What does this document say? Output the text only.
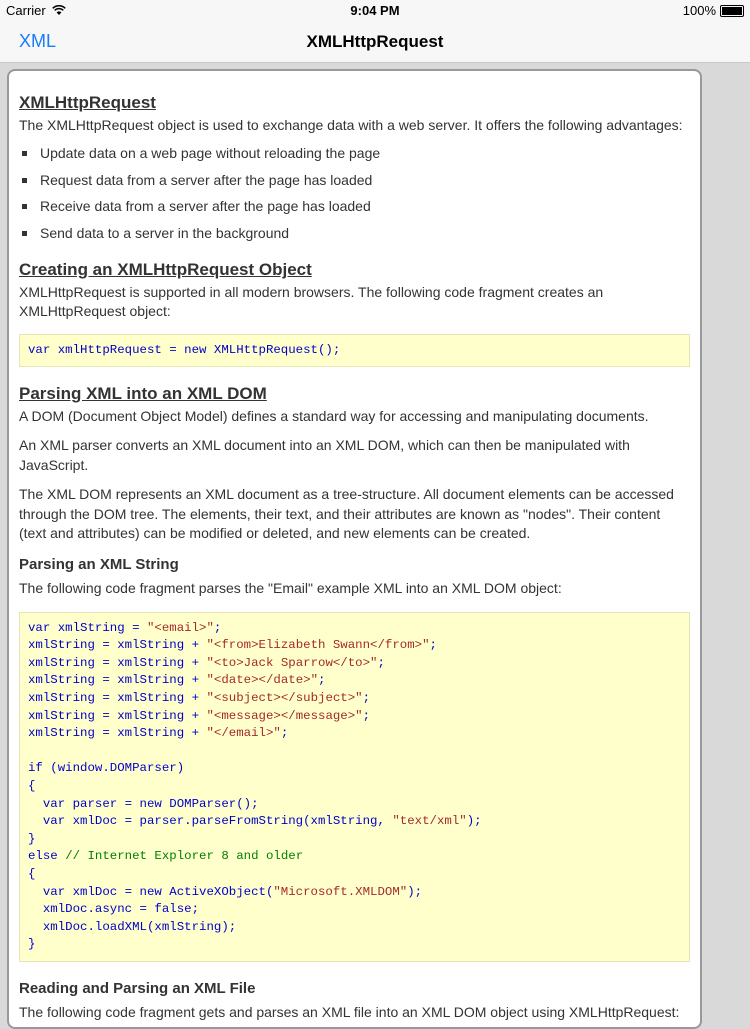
Carrier	9:04 PM	100%
XML	XMLHttpRequest
XMLHttpRequest

The XMLHttpRequest object is used to exchange data with a web server. It offers the following advantages:

Update data on a web page without reloading the page
Request data from a server after the page has loaded
Receive data from a server after the page has loaded
Send data to a server in the background
Creating an XMLHttpRequest Object

XMLHttpRequest is supported in all modern browsers. The following code fragment creates an XMLHttpRequest object:

var xmlHttpRequest = new XMLHttpRequest();
Parsing XML into an XML DOM

A DOM (Document Object Model) defines a standard way for accessing and manipulating documents.

An XML parser converts an XML document into an XML DOM, which can then be manipulated with JavaScript.

The XML DOM represents an XML document as a tree-structure. All document elements can be accessed through the DOM tree. The elements, their text, and their attributes are known as "nodes". Their content (text and attributes) can be modified or deleted, and new elements can be created.

Parsing an XML String

The following code fragment parses the "Email" example XML into an XML DOM object:

var xmlString = "<email>";
xmlString = xmlString + "<from>Elizabeth Swann</from>";
xmlString = xmlString + "<to>Jack Sparrow</to>";
xmlString = xmlString + "<date></date>";
xmlString = xmlString + "<subject></subject>";
xmlString = xmlString + "<message></message>";
xmlString = xmlString + "</email>";

if (window.DOMParser)
{
var parser = new DOMParser();
var xmlDoc = parser.parseFromString(xmlString, "text/xml");
}
else // Internet Explorer 8 and older
{
var xmlDoc = new ActiveXObject("Microsoft.XMLDOM");
xmlDoc.async = false;
xmlDoc.loadXML(xmlString);
}
Reading and Parsing an XML File

The following code fragment gets and parses an XML file into an XML DOM object using XMLHttpRequest:
